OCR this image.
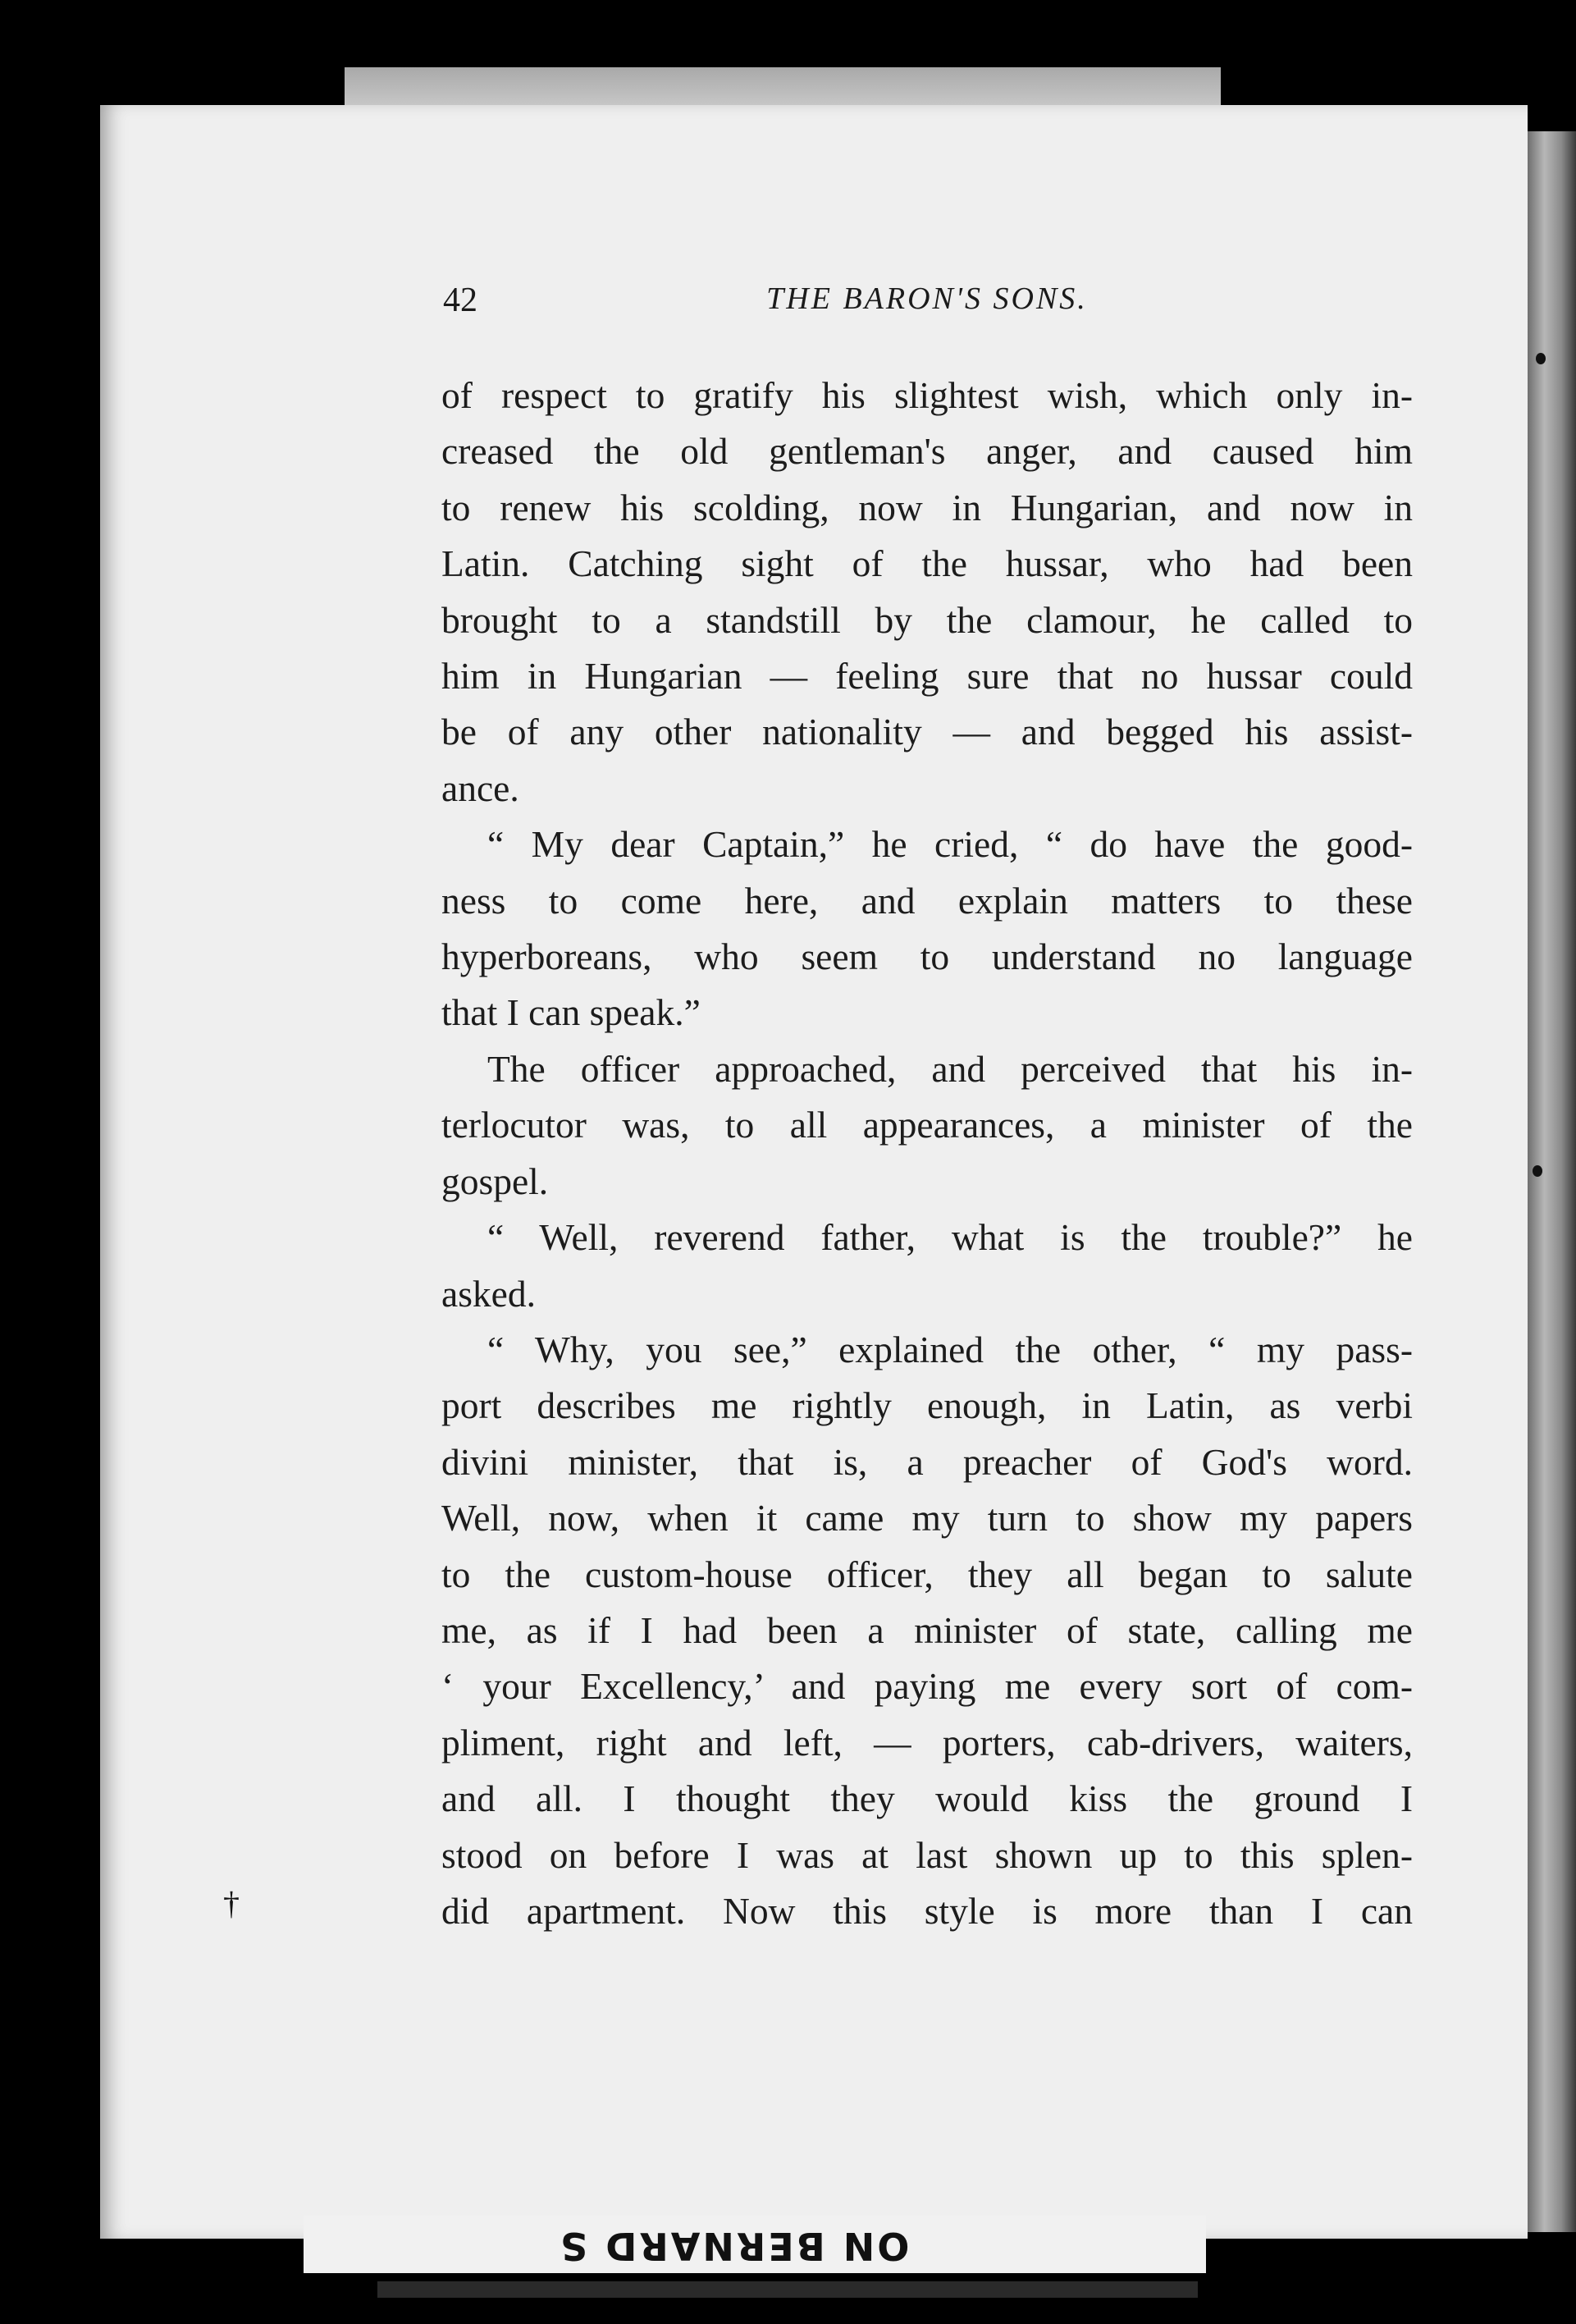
†
42	THE BARON'S SONS.

of respect to gratify his slightest wish, which only in-
creased the old gentleman's anger, and caused him
to renew his scolding, now in Hungarian, and now in
Latin. Catching sight of the hussar, who had been
brought to a standstill by the clamour, he called to
him in Hungarian — feeling sure that no hussar could
be of any other nationality — and begged his assist-
ance.

“ My dear Captain,” he cried, “ do have the good-
ness to come here, and explain matters to these
hyperboreans, who seem to understand no language
that I can speak.”

The officer approached, and perceived that his in-
terlocutor was, to all appearances, a minister of the
gospel.

“ Well, reverend father, what is the trouble?” he
asked.

“ Why, you see,” explained the other, “ my pass-
port describes me rightly enough, in Latin, as verbi
divini minister, that is, a preacher of God's word.
Well, now, when it came my turn to show my papers
to the custom-house officer, they all began to salute
me, as if I had been a minister of state, calling me
‘ your Excellency,’ and paying me every sort of com-
pliment, right and left, — porters, cab-drivers, waiters,
and all. I thought they would kiss the ground I
stood on before I was at last shown up to this splen-
did apartment. Now this style is more than I can

ON BERNARD S
